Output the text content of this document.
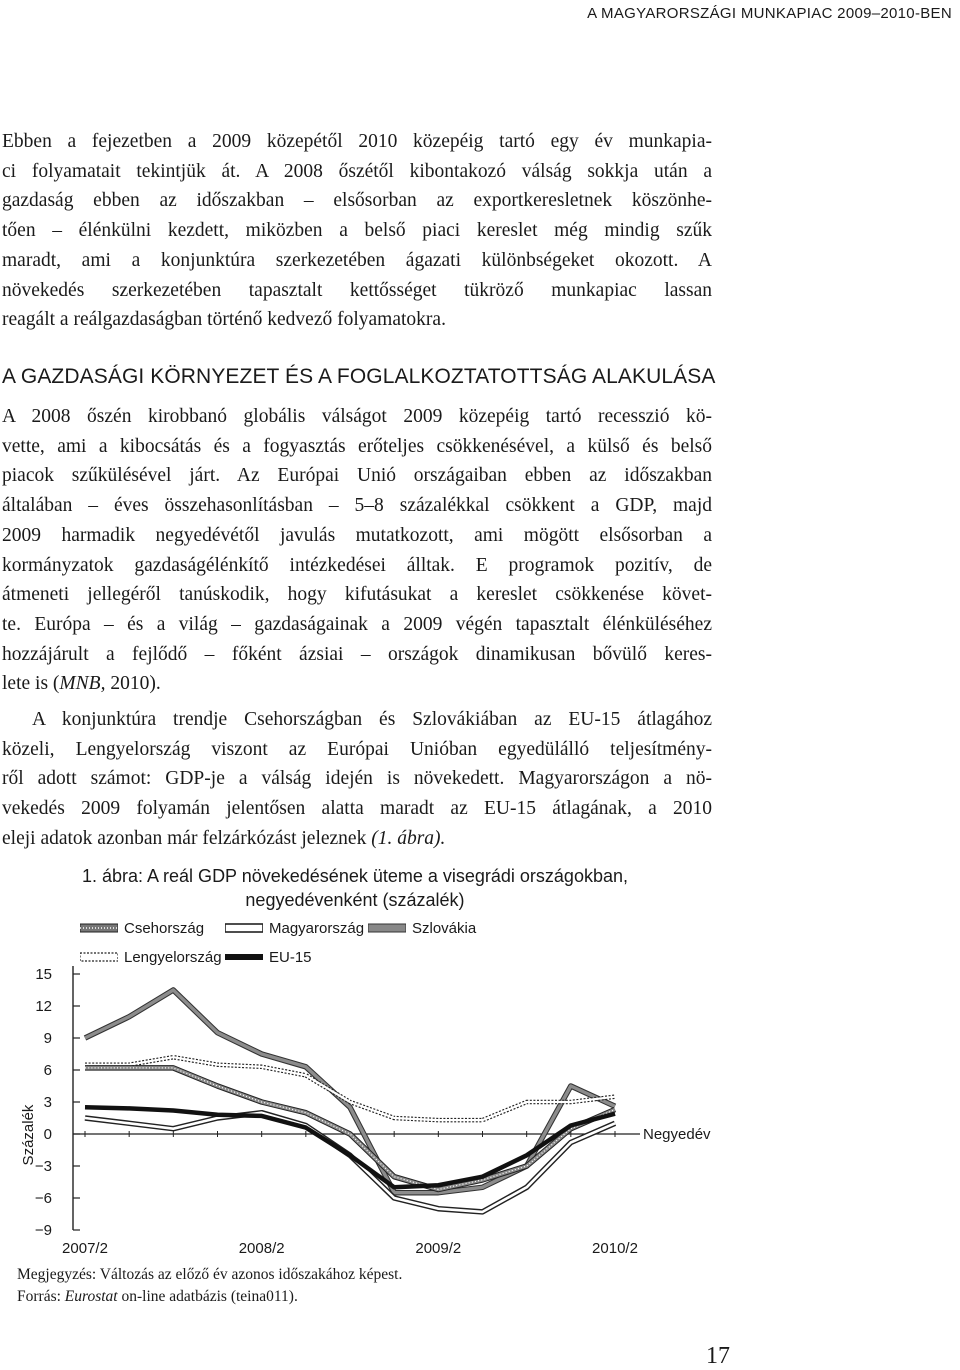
A MAGYARORSZÁGI MUNKAPIAC 2009–2010-BEN

Ebben a fejezetben a 2009 közepétől 2010 közepéig tartó egy év munkapia-
ci folyamatait tekintjük át. A 2008 őszétől kibontakozó válság sokkja után a
gazdaság ebben az időszakban – elsősorban az exportkeresletnek köszönhe-
tően – élénkülni kezdett, miközben a belső piaci kereslet még mindig szűk
maradt, ami a konjunktúra szerkezetében ágazati különbségeket okozott. A
növekedés szerkezetében tapasztalt kettősséget tükröző munkapiac lassan
reagált a reálgazdaságban történő kedvező folyamatokra.

A GAZDASÁGI KÖRNYEZET ÉS A FOGLALKOZTATOTTSÁG ALAKULÁSA

A 2008 őszén kirobbanó globális válságot 2009 közepéig tartó recesszió kö-
vette, ami a kibocsátás és a fogyasztás erőteljes csökkenésével, a külső és belső
piacok szűkülésével járt. Az Európai Unió országaiban ebben az időszakban
általában – éves összehasonlításban – 5–8 százalékkal csökkent a GDP, majd
2009 harmadik negyedévétől javulás mutatkozott, ami mögött elsősorban a
kormányzatok gazdaságélénkítő intézkedései álltak. E programok pozitív, de
átmeneti jellegéről tanúskodik, hogy kifutásukat a kereslet csökkenése követ-
te. Európa – és a világ – gazdaságainak a 2009 végén tapasztalt élénküléséhez
hozzájárult a fejlődő – főként ázsiai – országok dinamikusan bővülő keres-
lete is (MNB, 2010).

A konjunktúra trendje Csehországban és Szlovákiában az EU-15 átlagához
közeli, Lengyelország viszont az Európai Unióban egyedülálló teljesítmény-
ről adott számot: GDP-je a válság idején is növekedett. Magyarországon a nö-
vekedés 2009 folyamán jelentősen alatta maradt az EU-15 átlagának, a 2010
eleji adatok azonban már felzárkózást jeleznek (1. ábra).

1. ábra: A reál GDP növekedésének üteme a visegrádi országokban,
negyedévenként (százalék)
Csehország	Magyarország	Szlovákia
Lengyelország	EU-15
15
12
9
6
3
0
−3
−6
−9
Százalék	Negyedév
2007/2	2008/2	2009/2	2010/2

Megjegyzés: Változás az előző év azonos időszakához képest.

Forrás: Eurostat on-line adatbázis (teina011).

17
